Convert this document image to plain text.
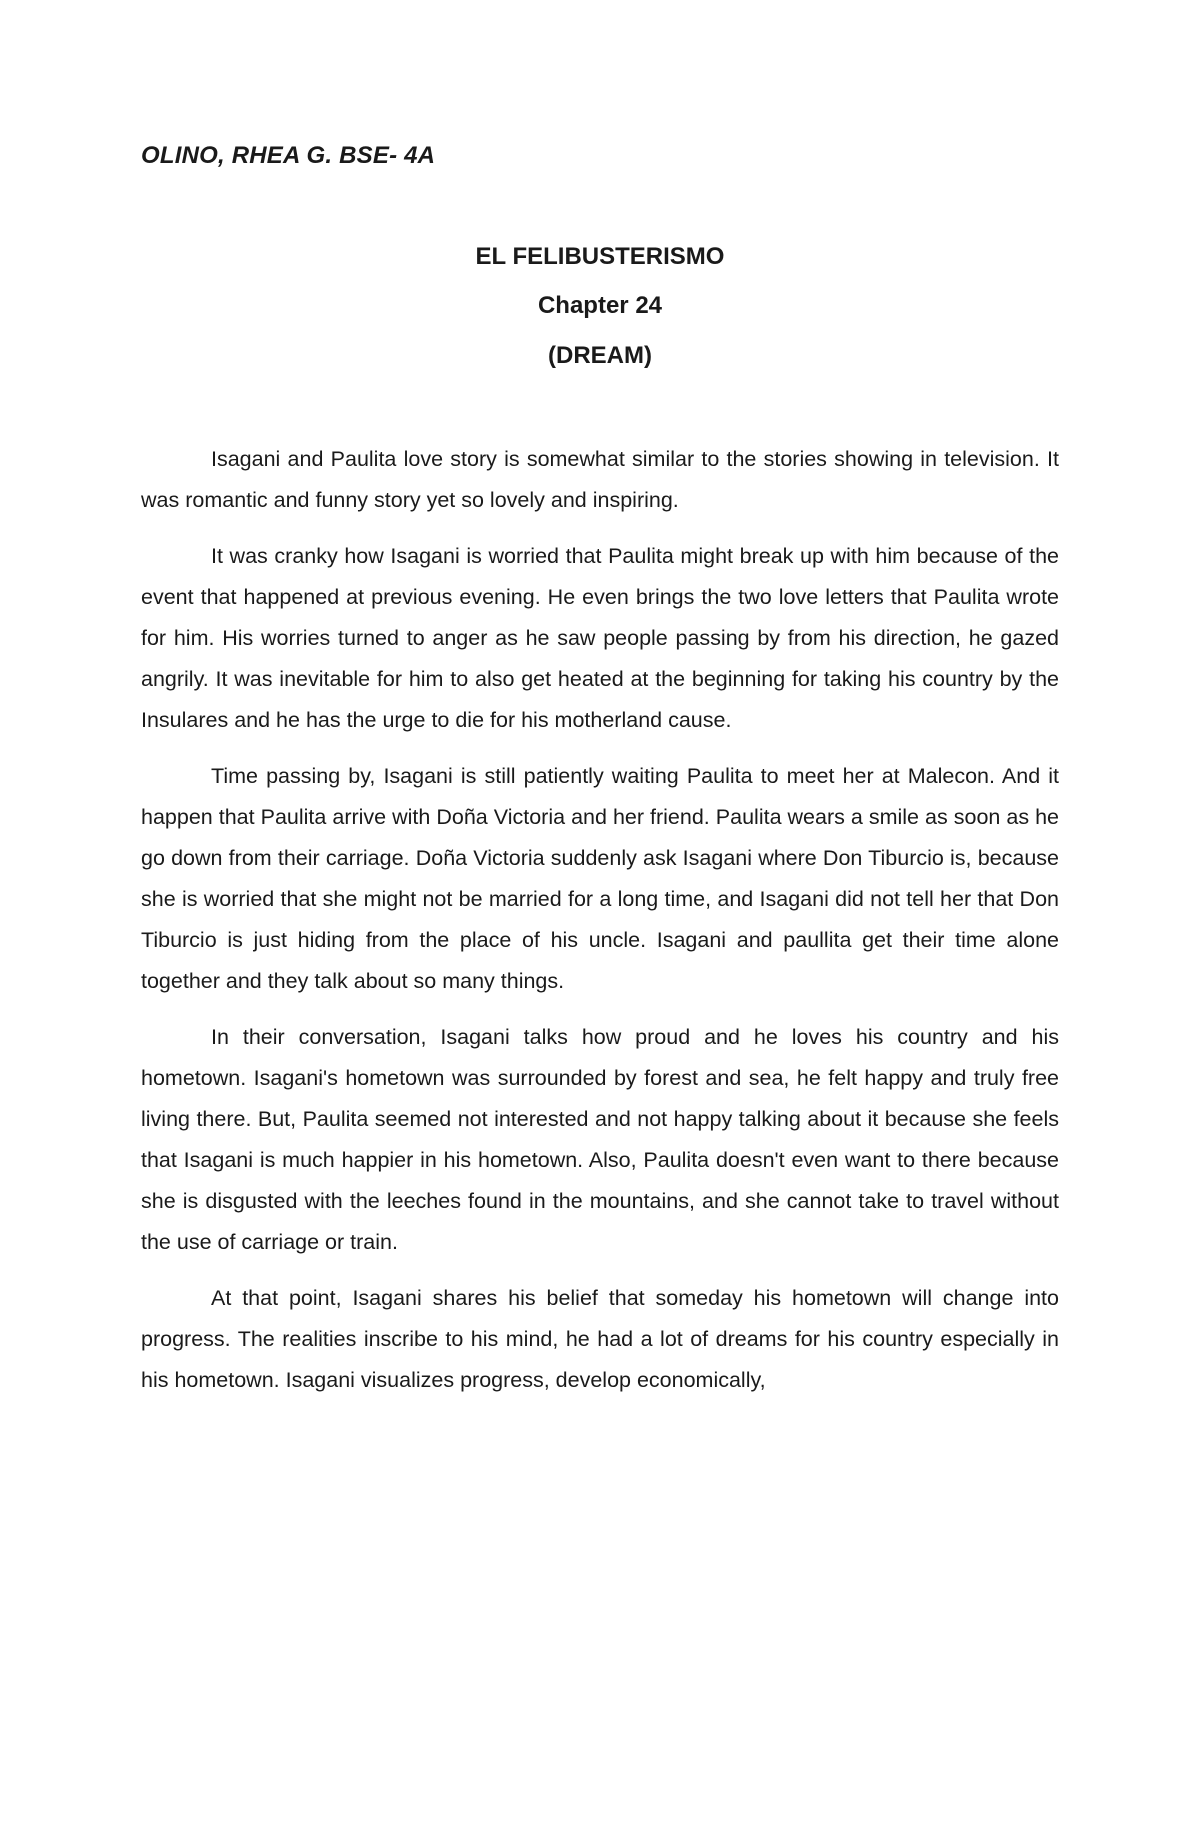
OLINO, RHEA G. BSE- 4A

EL FELIBUSTERISMO

Chapter 24

(DREAM)

Isagani and Paulita love story is somewhat similar to the stories showing in television. It was romantic and funny story yet so lovely and inspiring.

It was cranky how Isagani is worried that Paulita might break up with him because of the event that happened at previous evening. He even brings the two love letters that Paulita wrote for him. His worries turned to anger as he saw people passing by from his direction, he gazed angrily. It was inevitable for him to also get heated at the beginning for taking his country by the Insulares and he has the urge to die for his motherland cause.

Time passing by, Isagani is still patiently waiting Paulita to meet her at Malecon. And it happen that Paulita arrive with Doña Victoria and her friend. Paulita wears a smile as soon as he go down from their carriage. Doña Victoria suddenly ask Isagani where Don Tiburcio is, because she is worried that she might not be married for a long time, and Isagani did not tell her that Don Tiburcio is just hiding from the place of his uncle. Isagani and paullita get their time alone together and they talk about so many things.

In their conversation, Isagani talks how proud and he loves his country and his hometown. Isagani's hometown was surrounded by forest and sea, he felt happy and truly free living there. But, Paulita seemed not interested and not happy talking about it because she feels that Isagani is much happier in his hometown. Also, Paulita doesn't even want to there because she is disgusted with the leeches found in the mountains, and she cannot take to travel without the use of carriage or train.

At that point, Isagani shares his belief that someday his hometown will change into progress. The realities inscribe to his mind, he had a lot of dreams for his country especially in his hometown. Isagani visualizes progress, develop economically,
